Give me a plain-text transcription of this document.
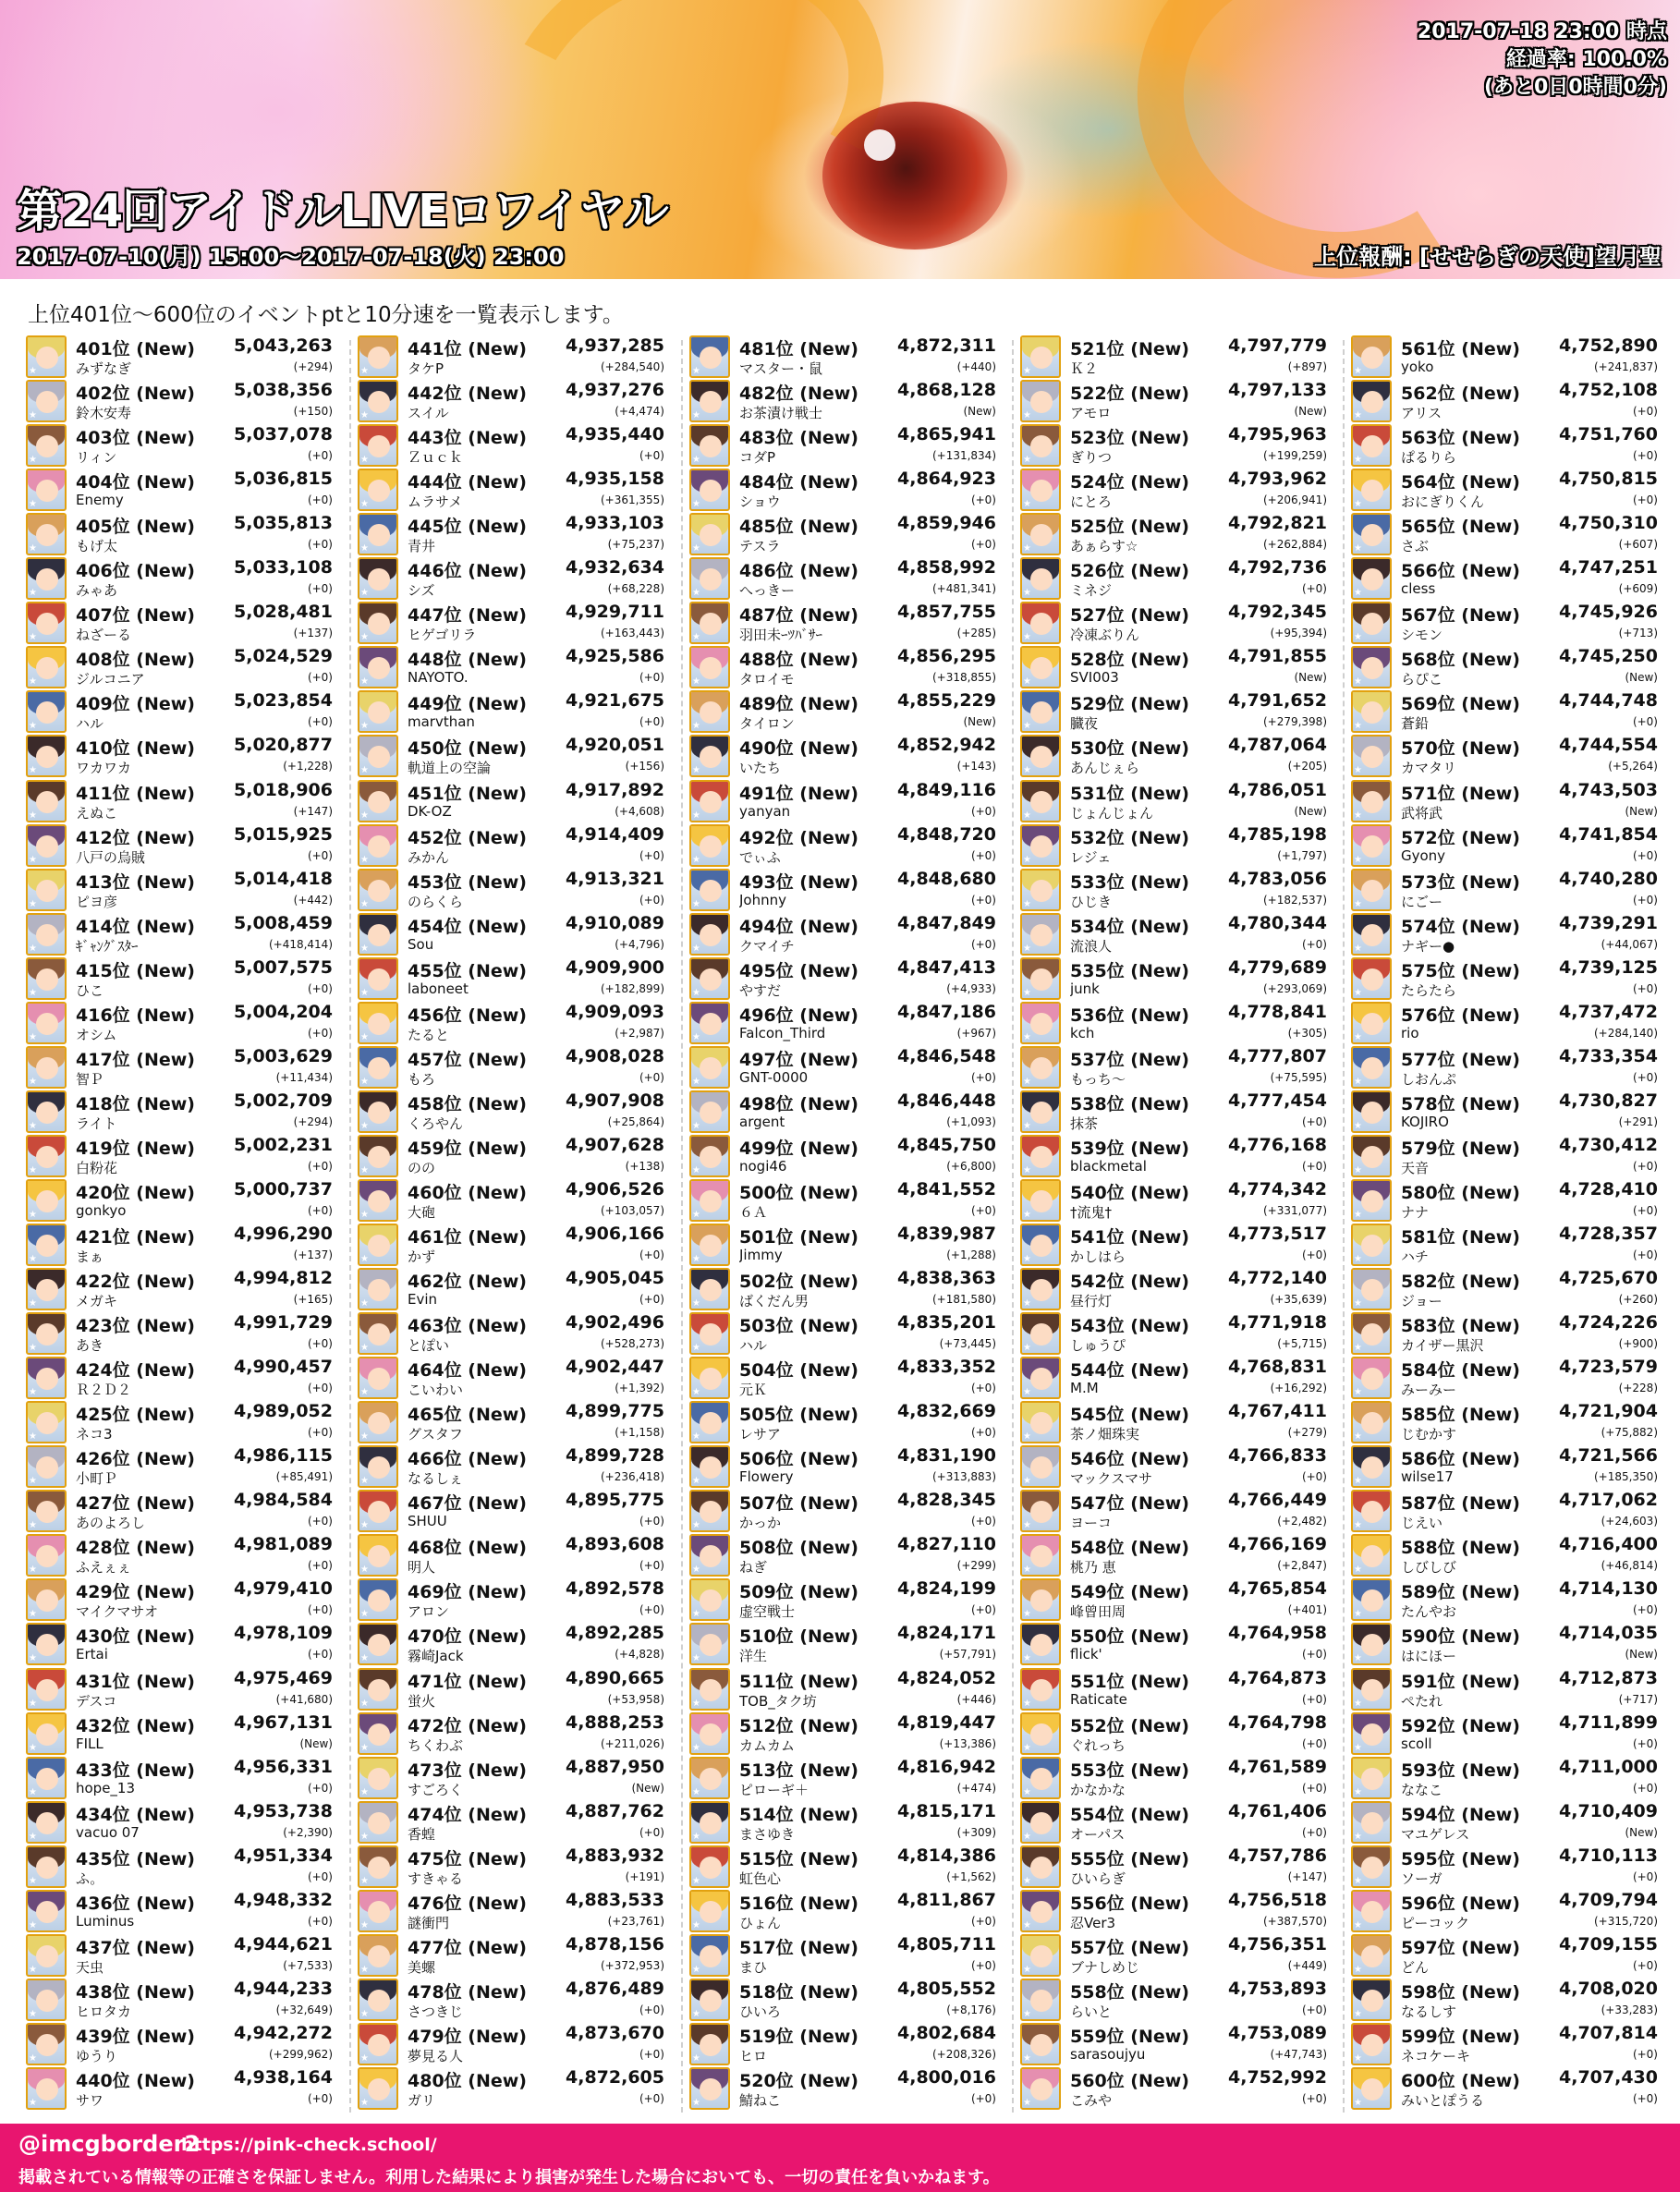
2017-07-18 23:00 時点
経過率: 100.0%
(あと0日0時間0分)
第24回アイドルLIVEロワイヤル
2017-07-10(月) 15:00～2017-07-18(火) 23:00	上位報酬: [せせらぎの天使]望月聖
上位401位～600位のイベントptと10分速を一覧表示します。
★
401位 (New) 5,043,263
みずなぎ	(+294)
★
402位 (New) 5,038,356
鈴木安寿	(+150)
★
403位 (New) 5,037,078
リィン	(+0)
★
404位 (New) 5,036,815
Enemy	(+0)
★
405位 (New) 5,035,813
もげ太	(+0)
★
406位 (New) 5,033,108
みゃあ	(+0)
★
407位 (New) 5,028,481
ねざーる	(+137)
★
408位 (New) 5,024,529
ジルコニア	(+0)
★
409位 (New) 5,023,854
ハル	(+0)
★
410位 (New) 5,020,877
ワカワカ	(+1,228)
★
411位 (New) 5,018,906
えぬこ	(+147)
★
412位 (New) 5,015,925
八戸の烏賊	(+0)
★
413位 (New) 5,014,418
ピヨ彦	(+442)
★
414位 (New) 5,008,459
ｷﾞｬﾝｸﾞｽﾀｰ	(+418,414)
★
415位 (New) 5,007,575
ひこ	(+0)
★
416位 (New) 5,004,204
オシム	(+0)
★
417位 (New) 5,003,629
智Ｐ	(+11,434)
★
418位 (New) 5,002,709
ライト	(+294)
★
419位 (New) 5,002,231
白粉花	(+0)
★
420位 (New) 5,000,737
gonkyo	(+0)
★
421位 (New) 4,996,290
まぁ	(+137)
★
422位 (New) 4,994,812
メガキ	(+165)
★
423位 (New) 4,991,729
あき	(+0)
★
424位 (New) 4,990,457
Ｒ２Ｄ２	(+0)
★
425位 (New) 4,989,052
ネコ3	(+0)
★
426位 (New) 4,986,115
小町Ｐ	(+85,491)
★
427位 (New) 4,984,584
あのよろし	(+0)
★
428位 (New) 4,981,089
ふえぇぇ	(+0)
★
429位 (New) 4,979,410
マイクマサオ	(+0)
★
430位 (New) 4,978,109
Ertai	(+0)
★
431位 (New) 4,975,469
デスコ	(+41,680)
★
432位 (New) 4,967,131
FILL	(New)
★
433位 (New) 4,956,331
hope_13	(+0)
★
434位 (New) 4,953,738
vacuo 07	(+2,390)
★
435位 (New) 4,951,334
ふ。	(+0)
★
436位 (New) 4,948,332
Luminus	(+0)
★
437位 (New) 4,944,621
天虫	(+7,533)
★
438位 (New) 4,944,233
ヒロタカ	(+32,649)
★
439位 (New) 4,942,272
ゆうり	(+299,962)
★
440位 (New) 4,938,164
サワ	(+0)
★
441位 (New) 4,937,285
タケP	(+284,540)
★
442位 (New) 4,937,276
スイル	(+4,474)
★
443位 (New) 4,935,440
Ｚｕｃｋ	(+0)
★
444位 (New) 4,935,158
ムラサメ	(+361,355)
★
445位 (New) 4,933,103
青井	(+75,237)
★
446位 (New) 4,932,634
シズ	(+68,228)
★
447位 (New) 4,929,711
ヒゲゴリラ	(+163,443)
★
448位 (New) 4,925,586
NAYOTO.	(+0)
★
449位 (New) 4,921,675
marvthan	(+0)
★
450位 (New) 4,920,051
軌道上の空論	(+156)
★
451位 (New) 4,917,892
DK-OZ	(+4,608)
★
452位 (New) 4,914,409
みかん	(+0)
★
453位 (New) 4,913,321
のらくら	(+0)
★
454位 (New) 4,910,089
Sou	(+4,796)
★
455位 (New) 4,909,900
laboneet	(+182,899)
★
456位 (New) 4,909,093
たると	(+2,987)
★
457位 (New) 4,908,028
もろ	(+0)
★
458位 (New) 4,907,908
くろやん	(+25,864)
★
459位 (New) 4,907,628
のの	(+138)
★
460位 (New) 4,906,526
大砲	(+103,057)
★
461位 (New) 4,906,166
かず	(+0)
★
462位 (New) 4,905,045
Evin	(+0)
★
463位 (New) 4,902,496
とぽい	(+528,273)
★
464位 (New) 4,902,447
こいわい	(+1,392)
★
465位 (New) 4,899,775
グスタフ	(+1,158)
★
466位 (New) 4,899,728
なるしぇ	(+236,418)
★
467位 (New) 4,895,775
SHUU	(+0)
★
468位 (New) 4,893,608
明人	(+0)
★
469位 (New) 4,892,578
アロン	(+0)
★
470位 (New) 4,892,285
霧崎Jack	(+4,828)
★
471位 (New) 4,890,665
蛍火	(+53,958)
★
472位 (New) 4,888,253
ちくわぶ	(+211,026)
★
473位 (New) 4,887,950
すごろく	(New)
★
474位 (New) 4,887,762
香蝗	(+0)
★
475位 (New) 4,883,932
すきゃる	(+191)
★
476位 (New) 4,883,533
謎衝門	(+23,761)
★
477位 (New) 4,878,156
美螺	(+372,953)
★
478位 (New) 4,876,489
さつきじ	(+0)
★
479位 (New) 4,873,670
夢見る人	(+0)
★
480位 (New) 4,872,605
ガリ	(+0)
★
481位 (New) 4,872,311
マスター・鼠	(+440)
★
482位 (New) 4,868,128
お茶漬け戦士	(New)
★
483位 (New) 4,865,941
コダP	(+131,834)
★
484位 (New) 4,864,923
ショウ	(+0)
★
485位 (New) 4,859,946
テスラ	(+0)
★
486位 (New) 4,858,992
へっきー	(+481,341)
★
487位 (New) 4,857,755
羽田未ｰﾂﾊﾞｻｰ	(+285)
★
488位 (New) 4,856,295
タロイモ	(+318,855)
★
489位 (New) 4,855,229
タイロン	(New)
★
490位 (New) 4,852,942
いたち	(+143)
★
491位 (New) 4,849,116
yanyan	(+0)
★
492位 (New) 4,848,720
でぃふ	(+0)
★
493位 (New) 4,848,680
Johnny	(+0)
★
494位 (New) 4,847,849
クマイチ	(+0)
★
495位 (New) 4,847,413
やすだ	(+4,933)
★
496位 (New) 4,847,186
Falcon_Third	(+967)
★
497位 (New) 4,846,548
GNT-0000	(+0)
★
498位 (New) 4,846,448
argent	(+1,093)
★
499位 (New) 4,845,750
nogi46	(+6,800)
★
500位 (New) 4,841,552
６Ａ	(+0)
★
501位 (New) 4,839,987
Jimmy	(+1,288)
★
502位 (New) 4,838,363
ばくだん男	(+181,580)
★
503位 (New) 4,835,201
ハル	(+73,445)
★
504位 (New) 4,833,352
元Ｋ	(+0)
★
505位 (New) 4,832,669
レサア	(+0)
★
506位 (New) 4,831,190
Flowery	(+313,883)
★
507位 (New) 4,828,345
かっか	(+0)
★
508位 (New) 4,827,110
ねぎ	(+299)
★
509位 (New) 4,824,199
虚空戦士	(+0)
★
510位 (New) 4,824,171
洋生	(+57,791)
★
511位 (New) 4,824,052
TOB_タク坊	(+446)
★
512位 (New) 4,819,447
カムカム	(+13,386)
★
513位 (New) 4,816,942
ピローギ＋	(+474)
★
514位 (New) 4,815,171
まさゆき	(+309)
★
515位 (New) 4,814,386
虹色心	(+1,562)
★
516位 (New) 4,811,867
ひょん	(+0)
★
517位 (New) 4,805,711
まひ	(+0)
★
518位 (New) 4,805,552
ひいろ	(+8,176)
★
519位 (New) 4,802,684
ヒロ	(+208,326)
★
520位 (New) 4,800,016
鯖ねこ	(+0)
★
521位 (New) 4,797,779
Ｋ２	(+897)
★
522位 (New) 4,797,133
アモロ	(New)
★
523位 (New) 4,795,963
ぎりつ	(+199,259)
★
524位 (New) 4,793,962
にとろ	(+206,941)
★
525位 (New) 4,792,821
あぁらす☆	(+262,884)
★
526位 (New) 4,792,736
ミネジ	(+0)
★
527位 (New) 4,792,345
冷凍ぶりん	(+95,394)
★
528位 (New) 4,791,855
SVI003	(New)
★
529位 (New) 4,791,652
臓夜	(+279,398)
★
530位 (New) 4,787,064
あんじぇら	(+205)
★
531位 (New) 4,786,051
じょんじょん	(New)
★
532位 (New) 4,785,198
レジェ	(+1,797)
★
533位 (New) 4,783,056
ひじき	(+182,537)
★
534位 (New) 4,780,344
流浪人	(+0)
★
535位 (New) 4,779,689
junk	(+293,069)
★
536位 (New) 4,778,841
kch	(+305)
★
537位 (New) 4,777,807
もっち～	(+75,595)
★
538位 (New) 4,777,454
抹茶	(+0)
★
539位 (New) 4,776,168
blackmetal	(+0)
★
540位 (New) 4,774,342
†流鬼†	(+331,077)
★
541位 (New) 4,773,517
かしはら	(+0)
★
542位 (New) 4,772,140
昼行灯	(+35,639)
★
543位 (New) 4,771,918
しゅうぴ	(+5,715)
★
544位 (New) 4,768,831
M.M	(+16,292)
★
545位 (New) 4,767,411
茶ノ畑珠実	(+279)
★
546位 (New) 4,766,833
マックスマサ	(+0)
★
547位 (New) 4,766,449
ヨーコ	(+2,482)
★
548位 (New) 4,766,169
桃乃 恵	(+2,847)
★
549位 (New) 4,765,854
峰曾田周	(+401)
★
550位 (New) 4,764,958
flick'	(+0)
★
551位 (New) 4,764,873
Raticate	(+0)
★
552位 (New) 4,764,798
ぐれっち	(+0)
★
553位 (New) 4,761,589
かなかな	(+0)
★
554位 (New) 4,761,406
オーパス	(+0)
★
555位 (New) 4,757,786
ひいらぎ	(+147)
★
556位 (New) 4,756,518
忍Ver3	(+387,570)
★
557位 (New) 4,756,351
ブナしめじ	(+449)
★
558位 (New) 4,753,893
らいと	(+0)
★
559位 (New) 4,753,089
sarasoujyu	(+47,743)
★
560位 (New) 4,752,992
こみや	(+0)
★
561位 (New) 4,752,890
yoko	(+241,837)
★
562位 (New) 4,752,108
アリス	(+0)
★
563位 (New) 4,751,760
ぱるりら	(+0)
★
564位 (New) 4,750,815
おにぎりくん	(+0)
★
565位 (New) 4,750,310
さぶ	(+607)
★
566位 (New) 4,747,251
cless	(+609)
★
567位 (New) 4,745,926
シモン	(+713)
★
568位 (New) 4,745,250
らぴこ	(New)
★
569位 (New) 4,744,748
蒼鉛	(+0)
★
570位 (New) 4,744,554
カマタリ	(+5,264)
★
571位 (New) 4,743,503
武将武	(New)
★
572位 (New) 4,741,854
Gyony	(+0)
★
573位 (New) 4,740,280
にごー	(+0)
★
574位 (New) 4,739,291
ナギー●	(+44,067)
★
575位 (New) 4,739,125
たらたら	(+0)
★
576位 (New) 4,737,472
rio	(+284,140)
★
577位 (New) 4,733,354
しおんぷ	(+0)
★
578位 (New) 4,730,827
KOJIRO	(+291)
★
579位 (New) 4,730,412
天音	(+0)
★
580位 (New) 4,728,410
ナナ	(+0)
★
581位 (New) 4,728,357
ハチ	(+0)
★
582位 (New) 4,725,670
ジョー	(+260)
★
583位 (New) 4,724,226
カイザー黒沢	(+900)
★
584位 (New) 4,723,579
みーみー	(+228)
★
585位 (New) 4,721,904
じむかす	(+75,882)
★
586位 (New) 4,721,566
wilse17	(+185,350)
★
587位 (New) 4,717,062
じえい	(+24,603)
★
588位 (New) 4,716,400
しびしび	(+46,814)
★
589位 (New) 4,714,130
たんやお	(+0)
★
590位 (New) 4,714,035
はにほー	(New)
★
591位 (New) 4,712,873
ぺたれ	(+717)
★
592位 (New) 4,711,899
scoll	(+0)
★
593位 (New) 4,711,000
ななこ	(+0)
★
594位 (New) 4,710,409
マユゲレス	(New)
★
595位 (New) 4,710,113
ソーガ	(+0)
★
596位 (New) 4,709,794
ピーコック	(+315,720)
★
597位 (New) 4,709,155
どん	(+0)
★
598位 (New) 4,708,020
なるしす	(+33,283)
★
599位 (New) 4,707,814
ネコケーキ	(+0)
★
600位 (New) 4,707,430
みいとぽうる	(+0)
@imcgborder2
https://pink-check.school/
掲載されている情報等の正確さを保証しません。利用した結果により損害が発生した場合においても、一切の責任を負いかねます。
